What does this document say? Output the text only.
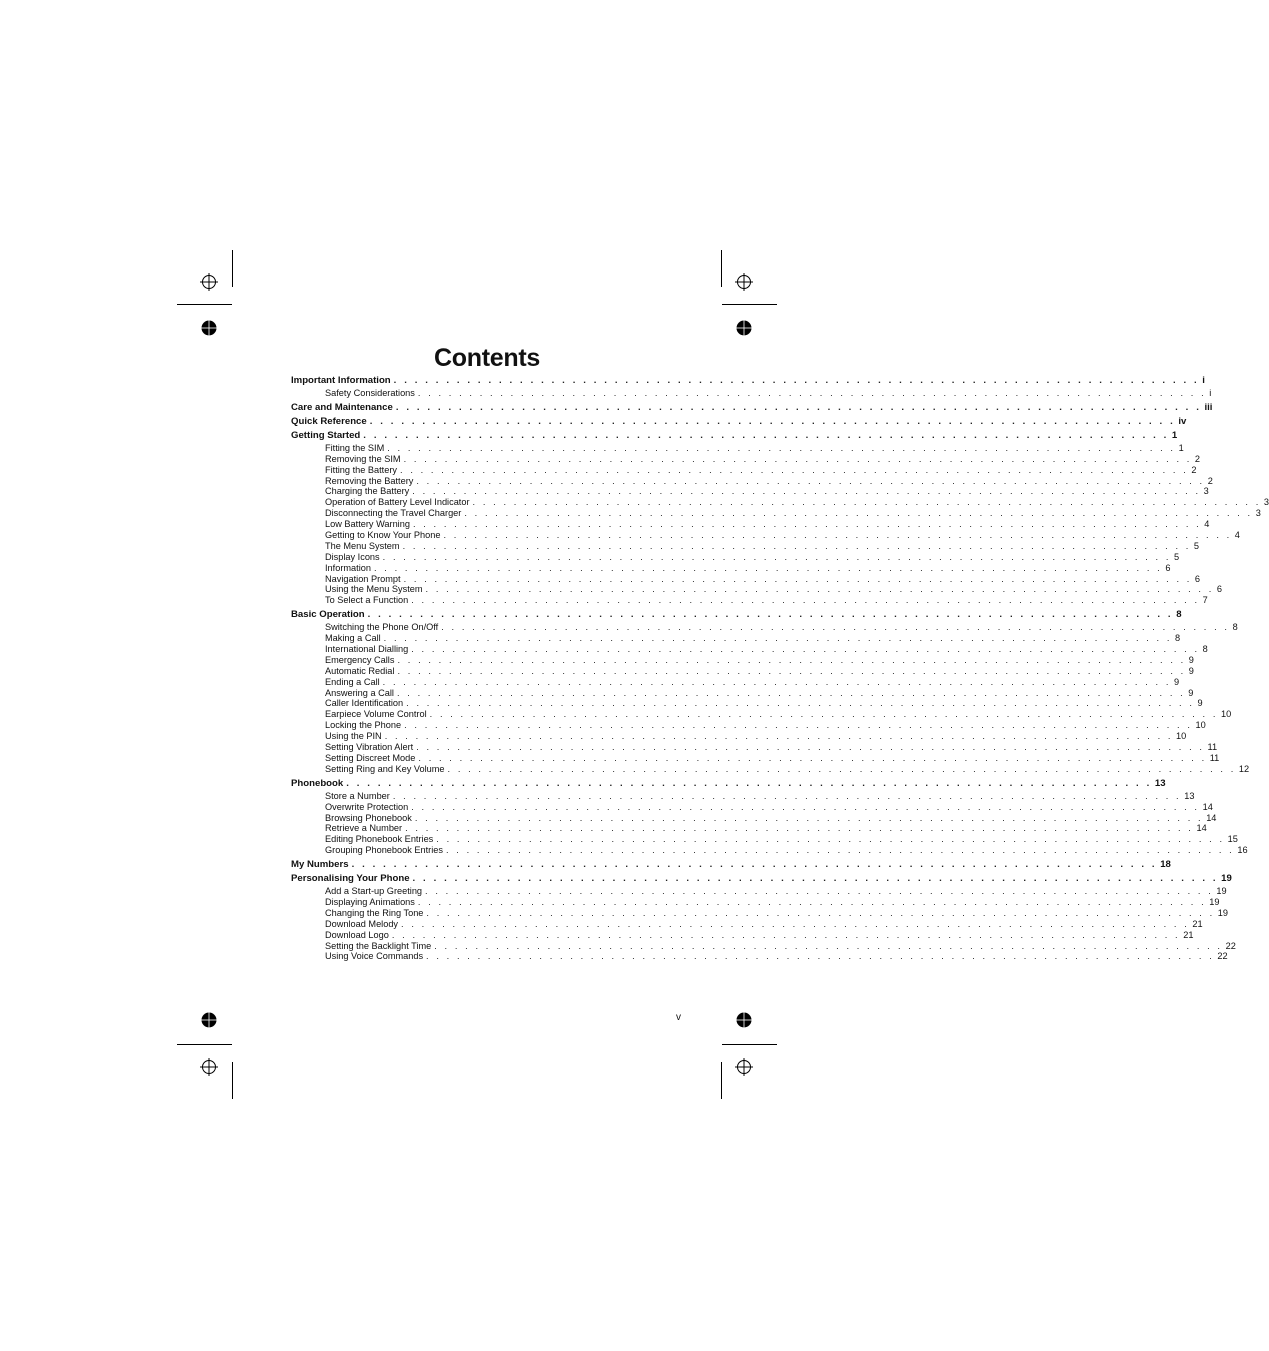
Contents
Important Information . . . . . . . . . . . . . . . . . . . . . . . . . . . . . . . . . . . . . . . . . . . . . . . . . . . . . . . . . . . . . . . . . . . . . . . . . . . . . i
Safety Considerations . . . . . . . . . . . . . . . . . . . . . . . . . . . . . . . . . . . . . . . . . . . . . . . . . . . . . . . . . . . . . . . . . . . . . . . . . . . . . i
Care and Maintenance . . . . . . . . . . . . . . . . . . . . . . . . . . . . . . . . . . . . . . . . . . . . . . . . . . . . . . . . . . . . . . . . . . . . . . . . . . . . . iii
Quick Reference . . . . . . . . . . . . . . . . . . . . . . . . . . . . . . . . . . . . . . . . . . . . . . . . . . . . . . . . . . . . . . . . . . . . . . . . . . . . . iv
Getting Started . . . . . . . . . . . . . . . . . . . . . . . . . . . . . . . . . . . . . . . . . . . . . . . . . . . . . . . . . . . . . . . . . . . . . . . . . . . . . 1
Fitting the SIM . . . . . . . . . . . . . . . . . . . . . . . . . . . . . . . . . . . . . . . . . . . . . . . . . . . . . . . . . . . . . . . . . . . . . . . . . . . . . 1
Removing the SIM . . . . . . . . . . . . . . . . . . . . . . . . . . . . . . . . . . . . . . . . . . . . . . . . . . . . . . . . . . . . . . . . . . . . . . . . . . . . . 2
Fitting the Battery . . . . . . . . . . . . . . . . . . . . . . . . . . . . . . . . . . . . . . . . . . . . . . . . . . . . . . . . . . . . . . . . . . . . . . . . . . . . . 2
Removing the Battery . . . . . . . . . . . . . . . . . . . . . . . . . . . . . . . . . . . . . . . . . . . . . . . . . . . . . . . . . . . . . . . . . . . . . . . . . . . . . 2
Charging the Battery . . . . . . . . . . . . . . . . . . . . . . . . . . . . . . . . . . . . . . . . . . . . . . . . . . . . . . . . . . . . . . . . . . . . . . . . . . . . . 3
Operation of Battery Level Indicator . . . . . . . . . . . . . . . . . . . . . . . . . . . . . . . . . . . . . . . . . . . . . . . . . . . . . . . . . . . . . . . . . . . . . . . . . . . . . 3
Disconnecting the Travel Charger . . . . . . . . . . . . . . . . . . . . . . . . . . . . . . . . . . . . . . . . . . . . . . . . . . . . . . . . . . . . . . . . . . . . . . . . . . . . . 3
Low Battery Warning . . . . . . . . . . . . . . . . . . . . . . . . . . . . . . . . . . . . . . . . . . . . . . . . . . . . . . . . . . . . . . . . . . . . . . . . . . . . . 4
Getting to Know Your Phone . . . . . . . . . . . . . . . . . . . . . . . . . . . . . . . . . . . . . . . . . . . . . . . . . . . . . . . . . . . . . . . . . . . . . . . . . . . . . 4
The Menu System . . . . . . . . . . . . . . . . . . . . . . . . . . . . . . . . . . . . . . . . . . . . . . . . . . . . . . . . . . . . . . . . . . . . . . . . . . . . . 5
Display Icons . . . . . . . . . . . . . . . . . . . . . . . . . . . . . . . . . . . . . . . . . . . . . . . . . . . . . . . . . . . . . . . . . . . . . . . . . . . . . 5
Information . . . . . . . . . . . . . . . . . . . . . . . . . . . . . . . . . . . . . . . . . . . . . . . . . . . . . . . . . . . . . . . . . . . . . . . . . . . . . 6
Navigation Prompt . . . . . . . . . . . . . . . . . . . . . . . . . . . . . . . . . . . . . . . . . . . . . . . . . . . . . . . . . . . . . . . . . . . . . . . . . . . . . 6
Using the Menu System . . . . . . . . . . . . . . . . . . . . . . . . . . . . . . . . . . . . . . . . . . . . . . . . . . . . . . . . . . . . . . . . . . . . . . . . . . . . . 6
To Select a Function . . . . . . . . . . . . . . . . . . . . . . . . . . . . . . . . . . . . . . . . . . . . . . . . . . . . . . . . . . . . . . . . . . . . . . . . . . . . . 7
Basic Operation . . . . . . . . . . . . . . . . . . . . . . . . . . . . . . . . . . . . . . . . . . . . . . . . . . . . . . . . . . . . . . . . . . . . . . . . . . . . . 8
Switching the Phone On/Off . . . . . . . . . . . . . . . . . . . . . . . . . . . . . . . . . . . . . . . . . . . . . . . . . . . . . . . . . . . . . . . . . . . . . . . . . . . . . 8
Making a Call . . . . . . . . . . . . . . . . . . . . . . . . . . . . . . . . . . . . . . . . . . . . . . . . . . . . . . . . . . . . . . . . . . . . . . . . . . . . . 8
International Dialling . . . . . . . . . . . . . . . . . . . . . . . . . . . . . . . . . . . . . . . . . . . . . . . . . . . . . . . . . . . . . . . . . . . . . . . . . . . . . 8
Emergency Calls . . . . . . . . . . . . . . . . . . . . . . . . . . . . . . . . . . . . . . . . . . . . . . . . . . . . . . . . . . . . . . . . . . . . . . . . . . . . . 9
Automatic Redial . . . . . . . . . . . . . . . . . . . . . . . . . . . . . . . . . . . . . . . . . . . . . . . . . . . . . . . . . . . . . . . . . . . . . . . . . . . . . 9
Ending a Call . . . . . . . . . . . . . . . . . . . . . . . . . . . . . . . . . . . . . . . . . . . . . . . . . . . . . . . . . . . . . . . . . . . . . . . . . . . . . 9
Answering a Call . . . . . . . . . . . . . . . . . . . . . . . . . . . . . . . . . . . . . . . . . . . . . . . . . . . . . . . . . . . . . . . . . . . . . . . . . . . . . 9
Caller Identification . . . . . . . . . . . . . . . . . . . . . . . . . . . . . . . . . . . . . . . . . . . . . . . . . . . . . . . . . . . . . . . . . . . . . . . . . . . . . 9
Earpiece Volume Control . . . . . . . . . . . . . . . . . . . . . . . . . . . . . . . . . . . . . . . . . . . . . . . . . . . . . . . . . . . . . . . . . . . . . . . . . . . . . 10
Locking the Phone . . . . . . . . . . . . . . . . . . . . . . . . . . . . . . . . . . . . . . . . . . . . . . . . . . . . . . . . . . . . . . . . . . . . . . . . . . . . . 10
Using the PIN . . . . . . . . . . . . . . . . . . . . . . . . . . . . . . . . . . . . . . . . . . . . . . . . . . . . . . . . . . . . . . . . . . . . . . . . . . . . . 10
Setting Vibration Alert . . . . . . . . . . . . . . . . . . . . . . . . . . . . . . . . . . . . . . . . . . . . . . . . . . . . . . . . . . . . . . . . . . . . . . . . . . . . . 11
Setting Discreet Mode . . . . . . . . . . . . . . . . . . . . . . . . . . . . . . . . . . . . . . . . . . . . . . . . . . . . . . . . . . . . . . . . . . . . . . . . . . . . . 11
Setting Ring and Key Volume . . . . . . . . . . . . . . . . . . . . . . . . . . . . . . . . . . . . . . . . . . . . . . . . . . . . . . . . . . . . . . . . . . . . . . . . . . . . . 12
Phonebook . . . . . . . . . . . . . . . . . . . . . . . . . . . . . . . . . . . . . . . . . . . . . . . . . . . . . . . . . . . . . . . . . . . . . . . . . . . . . 13
Store a Number . . . . . . . . . . . . . . . . . . . . . . . . . . . . . . . . . . . . . . . . . . . . . . . . . . . . . . . . . . . . . . . . . . . . . . . . . . . . . 13
Overwrite Protection . . . . . . . . . . . . . . . . . . . . . . . . . . . . . . . . . . . . . . . . . . . . . . . . . . . . . . . . . . . . . . . . . . . . . . . . . . . . . 14
Browsing Phonebook . . . . . . . . . . . . . . . . . . . . . . . . . . . . . . . . . . . . . . . . . . . . . . . . . . . . . . . . . . . . . . . . . . . . . . . . . . . . . 14
Retrieve a Number . . . . . . . . . . . . . . . . . . . . . . . . . . . . . . . . . . . . . . . . . . . . . . . . . . . . . . . . . . . . . . . . . . . . . . . . . . . . . 14
Editing Phonebook Entries . . . . . . . . . . . . . . . . . . . . . . . . . . . . . . . . . . . . . . . . . . . . . . . . . . . . . . . . . . . . . . . . . . . . . . . . . . . . . 15
Grouping Phonebook Entries . . . . . . . . . . . . . . . . . . . . . . . . . . . . . . . . . . . . . . . . . . . . . . . . . . . . . . . . . . . . . . . . . . . . . . . . . . . . . 16
My Numbers . . . . . . . . . . . . . . . . . . . . . . . . . . . . . . . . . . . . . . . . . . . . . . . . . . . . . . . . . . . . . . . . . . . . . . . . . . . . . 18
Personalising Your Phone . . . . . . . . . . . . . . . . . . . . . . . . . . . . . . . . . . . . . . . . . . . . . . . . . . . . . . . . . . . . . . . . . . . . . . . . . . . . . 19
Add a Start-up Greeting . . . . . . . . . . . . . . . . . . . . . . . . . . . . . . . . . . . . . . . . . . . . . . . . . . . . . . . . . . . . . . . . . . . . . . . . . . . . . 19
Displaying Animations . . . . . . . . . . . . . . . . . . . . . . . . . . . . . . . . . . . . . . . . . . . . . . . . . . . . . . . . . . . . . . . . . . . . . . . . . . . . . 19
Changing the Ring Tone . . . . . . . . . . . . . . . . . . . . . . . . . . . . . . . . . . . . . . . . . . . . . . . . . . . . . . . . . . . . . . . . . . . . . . . . . . . . . 19
Download Melody . . . . . . . . . . . . . . . . . . . . . . . . . . . . . . . . . . . . . . . . . . . . . . . . . . . . . . . . . . . . . . . . . . . . . . . . . . . . . 21
Download Logo . . . . . . . . . . . . . . . . . . . . . . . . . . . . . . . . . . . . . . . . . . . . . . . . . . . . . . . . . . . . . . . . . . . . . . . . . . . . . 21
Setting the Backlight Time . . . . . . . . . . . . . . . . . . . . . . . . . . . . . . . . . . . . . . . . . . . . . . . . . . . . . . . . . . . . . . . . . . . . . . . . . . . . . 22
Using Voice Commands . . . . . . . . . . . . . . . . . . . . . . . . . . . . . . . . . . . . . . . . . . . . . . . . . . . . . . . . . . . . . . . . . . . . . . . . . . . . . 22
v
